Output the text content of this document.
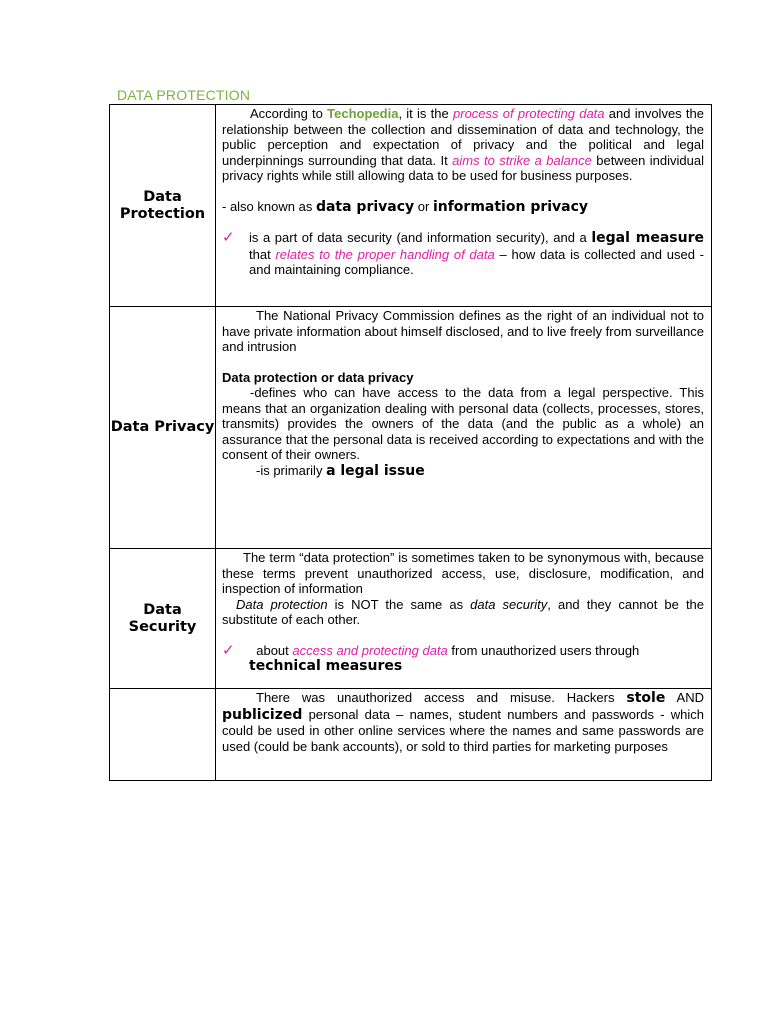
DATA PROTECTION
Data Protection	According to Techopedia, it is the process of protecting data and involves the relationship between the collection and dissemination of data and technology, the public perception and expectation of privacy and the political and legal underpinnings surrounding that data. It aims to strike a balance between individual privacy rights while still allowing data to be used for business purposes.

- also known as data privacy or information privacy

✓ is a part of data security (and information security), and a legal measure that relates to the proper handling of data – how data is collected and used - and maintaining compliance.

Data Privacy	The National Privacy Commission defines as the right of an individual not to have private information about himself disclosed, and to live freely from surveillance and intrusion

Data protection or data privacy

-defines who can have access to the data from a legal perspective. This means that an organization dealing with personal data (collects, processes, stores, transmits) provides the owners of the data (and the public as a whole) an assurance that the personal data is received according to expectations and with the consent of their owners.

-is primarily a legal issue

Data Security	The term “data protection” is sometimes taken to be synonymous with, because these terms prevent unauthorized access, use, disclosure, modification, and inspection of information

Data protection is NOT the same as data security, and they cannot be the substitute of each other.

✓ about access and protecting data from unauthorized users through
technical measures

	There was unauthorized access and misuse. Hackers stole AND publicized personal data – names, student numbers and passwords - which could be used in other online services where the names and same passwords are used (could be bank accounts), or sold to third parties for marketing purposes
